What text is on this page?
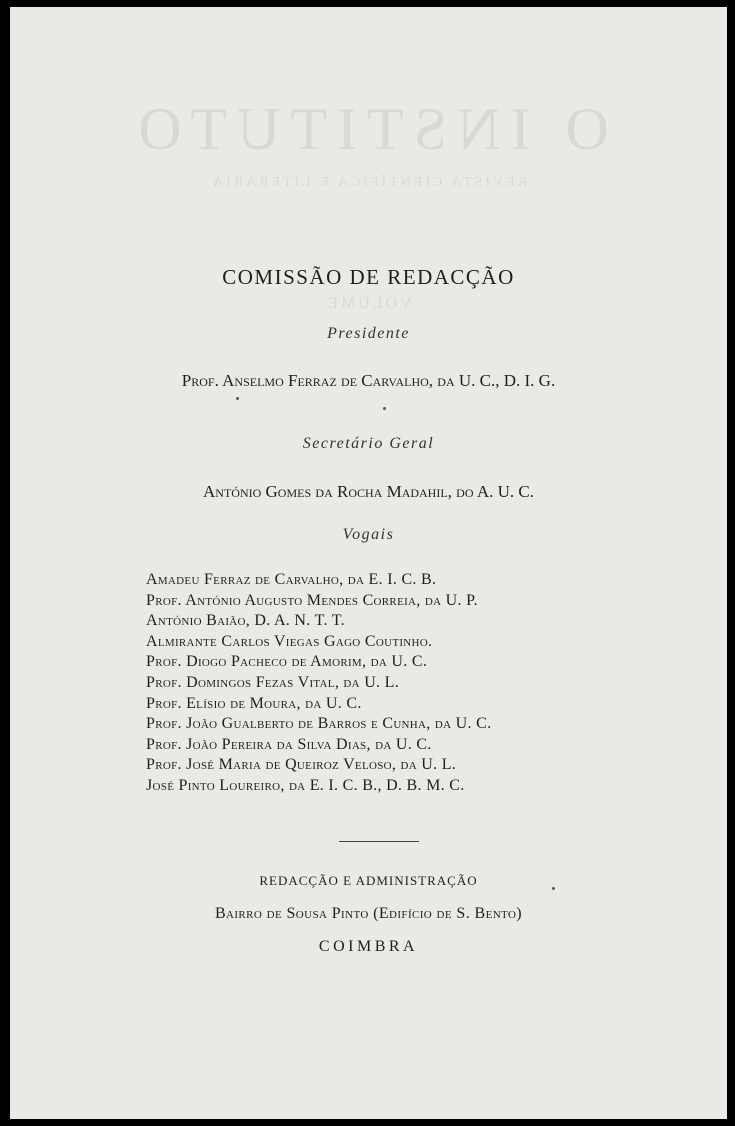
O INSTITUTO
REVISTA CIENTÍFICA E LITERÁRIA
VOLUME
COMISSÃO DE REDACÇÃO
Presidente
Prof. Anselmo Ferraz de Carvalho, da U. C., D. I. G.
Secretário Geral
António Gomes da Rocha Madahil, do A. U. C.
Vogais
Amadeu Ferraz de Carvalho, da E. I. C. B.
Prof. António Augusto Mendes Correia, da U. P.
António Baião, D. A. N. T. T.
Almirante Carlos Viegas Gago Coutinho.
Prof. Diogo Pacheco de Amorim, da U. C.
Prof. Domingos Fezas Vital, da U. L.
Prof. Elísio de Moura, da U. C.
Prof. João Gualberto de Barros e Cunha, da U. C.
Prof. João Pereira da Silva Dias, da U. C.
Prof. José Maria de Queiroz Veloso, da U. L.
José Pinto Loureiro, da E. I. C. B., D. B. M. C.
REDACÇÃO E ADMINISTRAÇÃO
Bairro de Sousa Pinto (Edifício de S. Bento)
COIMBRA
